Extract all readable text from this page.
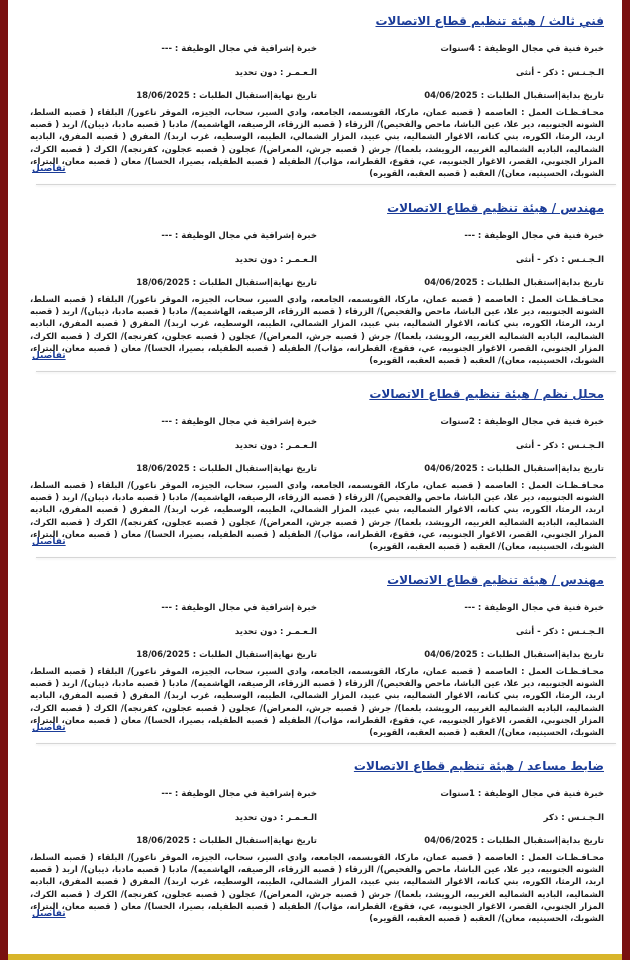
فني ثالث / هيئة تنظيم قطاع الاتصالات
خبرة فنية في مجال الوظيفة : 4سنوات
خبرة إشرافية في مجال الوظيفة : ---
الـجـنـس : ذكر - أنثى
الـعـمـر : دون تحديد
تاريخ بداية|استقبال الطلبات : 04/06/2025
تاريخ نهاية|استقبال الطلبات : 18/06/2025
محـافـظـات العمل : العاصمه ( قصبه عمان، ماركا، القويسمه، الجامعه، وادي السير، سحاب، الجيزه، الموقر ناعور)/ البلقاء ( قصبه السلط، الشونه الجنوبيه، دير علا، عين الباشا، ماحص والفحيص)/ الزرقاء ( قصبه الزرقاء، الرصيفه، الهاشميه)/ مادبا ( قصبه مادبا، ذيبان)/ اربد ( قصبه اربد، الرمثا، الكوره، بني كنانه، الاغوار الشماليه، بني عبيد، المزار الشمالي، الطيبه، الوسطيه، غرب اربد)/ المفرق ( قصبه المفرق، الباديه الشماليه، الباديه الشماليه الغربيه، الرويشد، بلعما)/ جرش ( قصبه جرش، المعراض)/ عجلون ( قصبه عجلون، كفرنجه)/ الكرك ( قصبه الكرك، المزار الجنوبي، القصر، الاغوار الجنوبيه، عي، فقوع، القطرانه، مؤاب)/ الطفيله ( قصبه الطفيله، بصيرا، الحسا)/ معان ( قصبه معان، البتراء، الشوبك، الحسينيه، معان)/ العقبه ( قصبه العقبه، القويره)
تفاصيل
مهندس / هيئة تنظيم قطاع الاتصالات
خبرة فنية في مجال الوظيفة : ---
خبرة إشرافية في مجال الوظيفة : ---
الـجـنـس : ذكر - أنثى
الـعـمـر : دون تحديد
تاريخ بداية|استقبال الطلبات : 04/06/2025
تاريخ نهاية|استقبال الطلبات : 18/06/2025
محـافـظـات العمل : العاصمه ( قصبه عمان، ماركا، القويسمه، الجامعه، وادي السير، سحاب، الجيزه، الموقر ناعور)/ البلقاء ( قصبه السلط، الشونه الجنوبيه، دير علا، عين الباشا، ماحص والفحيص)/ الزرقاء ( قصبه الزرقاء، الرصيفه، الهاشميه)/ مادبا ( قصبه مادبا، ذيبان)/ اربد ( قصبه اربد، الرمثا، الكوره، بني كنانه، الاغوار الشماليه، بني عبيد، المزار الشمالي، الطيبه، الوسطيه، غرب اربد)/ المفرق ( قصبه المفرق، الباديه الشماليه، الباديه الشماليه الغربيه، الرويشد، بلعما)/ جرش ( قصبه جرش، المعراض)/ عجلون ( قصبه عجلون، كفرنجه)/ الكرك ( قصبه الكرك، المزار الجنوبي، القصر، الاغوار الجنوبيه، عي، فقوع، القطرانه، مؤاب)/ الطفيله ( قصبه الطفيله، بصيرا، الحسا)/ معان ( قصبه معان، البتراء، الشوبك، الحسينيه، معان)/ العقبه ( قصبه العقبه، القويره)
تفاصيل
محلل نظم / هيئة تنظيم قطاع الاتصالات
خبرة فنية في مجال الوظيفة : 2سنوات
خبرة إشرافية في مجال الوظيفة : ---
الـجـنـس : ذكر - أنثى
الـعـمـر : دون تحديد
تاريخ بداية|استقبال الطلبات : 04/06/2025
تاريخ نهاية|استقبال الطلبات : 18/06/2025
محـافـظـات العمل : العاصمه ( قصبه عمان، ماركا، القويسمه، الجامعه، وادي السير، سحاب، الجيزه، الموقر ناعور)/ البلقاء ( قصبه السلط، الشونه الجنوبيه، دير علا، عين الباشا، ماحص والفحيص)/ الزرقاء ( قصبه الزرقاء، الرصيفه، الهاشميه)/ مادبا ( قصبه مادبا، ذيبان)/ اربد ( قصبه اربد، الرمثا، الكوره، بني كنانه، الاغوار الشماليه، بني عبيد، المزار الشمالي، الطيبه، الوسطيه، غرب اربد)/ المفرق ( قصبه المفرق، الباديه الشماليه، الباديه الشماليه الغربيه، الرويشد، بلعما)/ جرش ( قصبه جرش، المعراض)/ عجلون ( قصبه عجلون، كفرنجه)/ الكرك ( قصبه الكرك، المزار الجنوبي، القصر، الاغوار الجنوبيه، عي، فقوع، القطرانه، مؤاب)/ الطفيله ( قصبه الطفيله، بصيرا، الحسا)/ معان ( قصبه معان، البتراء، الشوبك، الحسينيه، معان)/ العقبه ( قصبه العقبه، القويره)
تفاصيل
مهندس / هيئة تنظيم قطاع الاتصالات
خبرة فنية في مجال الوظيفة : ---
خبرة إشرافية في مجال الوظيفة : ---
الـجـنـس : ذكر - أنثى
الـعـمـر : دون تحديد
تاريخ بداية|استقبال الطلبات : 04/06/2025
تاريخ نهاية|استقبال الطلبات : 18/06/2025
محـافـظـات العمل : العاصمه ( قصبه عمان، ماركا، القويسمه، الجامعه، وادي السير، سحاب، الجيزه، الموقر ناعور)/ البلقاء ( قصبه السلط، الشونه الجنوبيه، دير علا، عين الباشا، ماحص والفحيص)/ الزرقاء ( قصبه الزرقاء، الرصيفه، الهاشميه)/ مادبا ( قصبه مادبا، ذيبان)/ اربد ( قصبه اربد، الرمثا، الكوره، بني كنانه، الاغوار الشماليه، بني عبيد، المزار الشمالي، الطيبه، الوسطيه، غرب اربد)/ المفرق ( قصبه المفرق، الباديه الشماليه، الباديه الشماليه الغربيه، الرويشد، بلعما)/ جرش ( قصبه جرش، المعراض)/ عجلون ( قصبه عجلون، كفرنجه)/ الكرك ( قصبه الكرك، المزار الجنوبي، القصر، الاغوار الجنوبيه، عي، فقوع، القطرانه، مؤاب)/ الطفيله ( قصبه الطفيله، بصيرا، الحسا)/ معان ( قصبه معان، البتراء، الشوبك، الحسينيه، معان)/ العقبه ( قصبه العقبه، القويره)
تفاصيل
ضابط مساعد / هيئة تنظيم قطاع الاتصالات
خبرة فنية في مجال الوظيفة : 1سنوات
خبرة إشرافية في مجال الوظيفة : ---
الـجـنـس : ذكر
الـعـمـر : دون تحديد
تاريخ بداية|استقبال الطلبات : 04/06/2025
تاريخ نهاية|استقبال الطلبات : 18/06/2025
محـافـظـات العمل : العاصمه ( قصبه عمان، ماركا، القويسمه، الجامعه، وادي السير، سحاب، الجيزه، الموقر ناعور)/ البلقاء ( قصبه السلط، الشونه الجنوبيه، دير علا، عين الباشا، ماحص والفحيص)/ الزرقاء ( قصبه الزرقاء، الرصيفه، الهاشميه)/ مادبا ( قصبه مادبا، ذيبان)/ اربد ( قصبه اربد، الرمثا، الكوره، بني كنانه، الاغوار الشماليه، بني عبيد، المزار الشمالي، الطيبه، الوسطيه، غرب اربد)/ المفرق ( قصبه المفرق، الباديه الشماليه، الباديه الشماليه الغربيه، الرويشد، بلعما)/ جرش ( قصبه جرش، المعراض)/ عجلون ( قصبه عجلون، كفرنجه)/ الكرك ( قصبه الكرك، المزار الجنوبي، القصر، الاغوار الجنوبيه، عي، فقوع، القطرانه، مؤاب)/ الطفيله ( قصبه الطفيله، بصيرا، الحسا)/ معان ( قصبه معان، البتراء، الشوبك، الحسينيه، معان)/ العقبه ( قصبه العقبه، القويره)
تفاصيل
